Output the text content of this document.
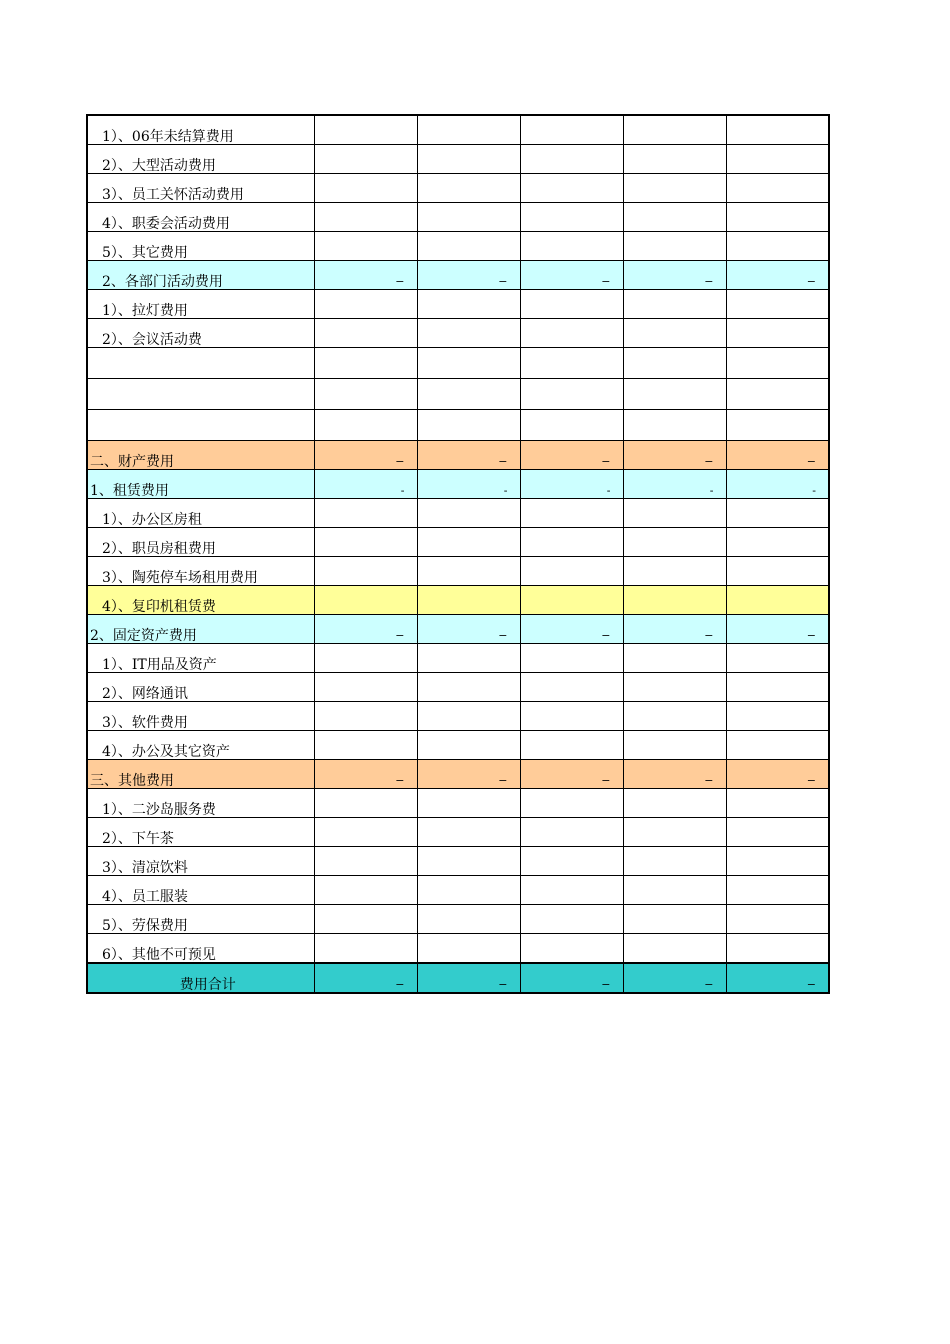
1）、06年未结算费用					
2）、大型活动费用					
3）、员工关怀活动费用					
4）、职委会活动费用					
5）、其它费用					
2、各部门活动费用	−	−	−	−	−
1）、拉灯费用					
2）、会议活动费					

二、财产费用	−	−	−	−	−
1、租赁费用	-	-	-	-	-
1）、办公区房租					
2）、职员房租费用					
3）、陶苑停车场租用费用					
4）、复印机租赁费					
2、固定资产费用	−	−	−	−	−
1）、IT用品及资产					
2）、网络通讯					
3）、软件费用					
4）、办公及其它资产					
三、其他费用	−	−	−	−	−
1）、二沙岛服务费					
2）、下午茶					
3）、清凉饮料					
4）、员工服装					
5）、劳保费用					
6）、其他不可预见					
费用合计	−	−	−	−	−
